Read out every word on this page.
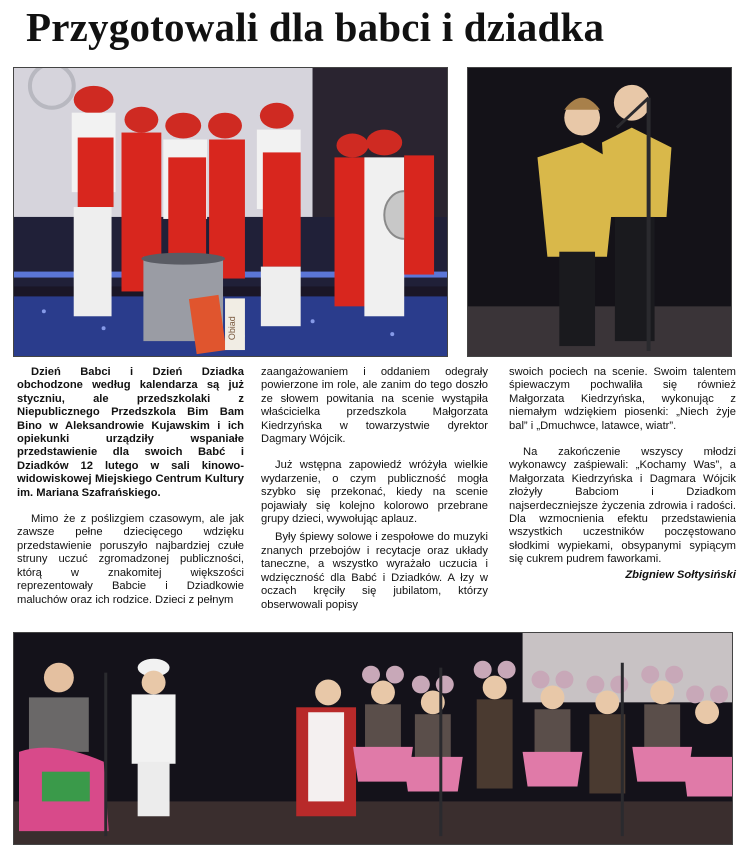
Przygotowali dla babci i dziadka
Obiad

Dzień Babci i Dzień Dziadka obchodzone według kalendarza są już styczniu, ale przedszkolaki z Niepublicznego Przedszkola Bim Bam Bino w Aleksandrowie Kujawskim i ich opiekunki urządziły wspaniałe przedstawienie dla swoich Babć i Dziadków 12 lutego w sali kinowo-widowiskowej Miejskiego Centrum Kultury im. Mariana Szafrańskiego.

Mimo że z poślizgiem czasowym, ale jak zawsze pełne dziecięcego wdzięku przedstawienie poruszyło najbardziej czułe struny uczuć zgromadzonej publiczności, którą w znakomitej większości reprezentowały Babcie i Dziadkowie maluchów oraz ich rodzice. Dzieci z pełnym

zaangażowaniem i oddaniem odegrały powierzone im role, ale zanim do tego doszło ze słowem powitania na scenie wystąpiła właścicielka przedszkola Małgorzata Kiedrzyńska w towarzystwie dyrektor Dagmary Wójcik.

Już wstępna zapowiedź wróżyła wielkie wydarzenie, o czym publiczność mogła szybko się przekonać, kiedy na scenie pojawiały się kolejno kolorowo przebrane grupy dzieci, wywołując aplauz.

Były śpiewy solowe i zespołowe do muzyki znanych przebojów i recytacje oraz układy taneczne, a wszystko wyrażało uczucia i wdzięczność dla Babć i Dziadków. A łzy w oczach kręciły się jubilatom, którzy obserwowali popisy

swoich pociech na scenie. Swoim talentem śpiewaczym pochwaliła się również Małgorzata Kiedrzyńska, wykonując z niemałym wdziękiem piosenki: „Niech żyje bal” i „Dmuchwce, latawce, wiatr”.

Na zakończenie wszyscy młodzi wykonawcy zaśpiewali: „Kochamy Was”, a Małgorzata Kiedrzyńska i Dagmara Wójcik złożyły Babciom i Dziadkom najserdeczniejsze życzenia zdrowia i radości. Dla wzmocnienia efektu przedstawienia wszystkich uczestników poczęstowano słodkimi wypiekami, obsypanymi sypiącym się cukrem pudrem faworkami.

Zbigniew Sołtysiński
